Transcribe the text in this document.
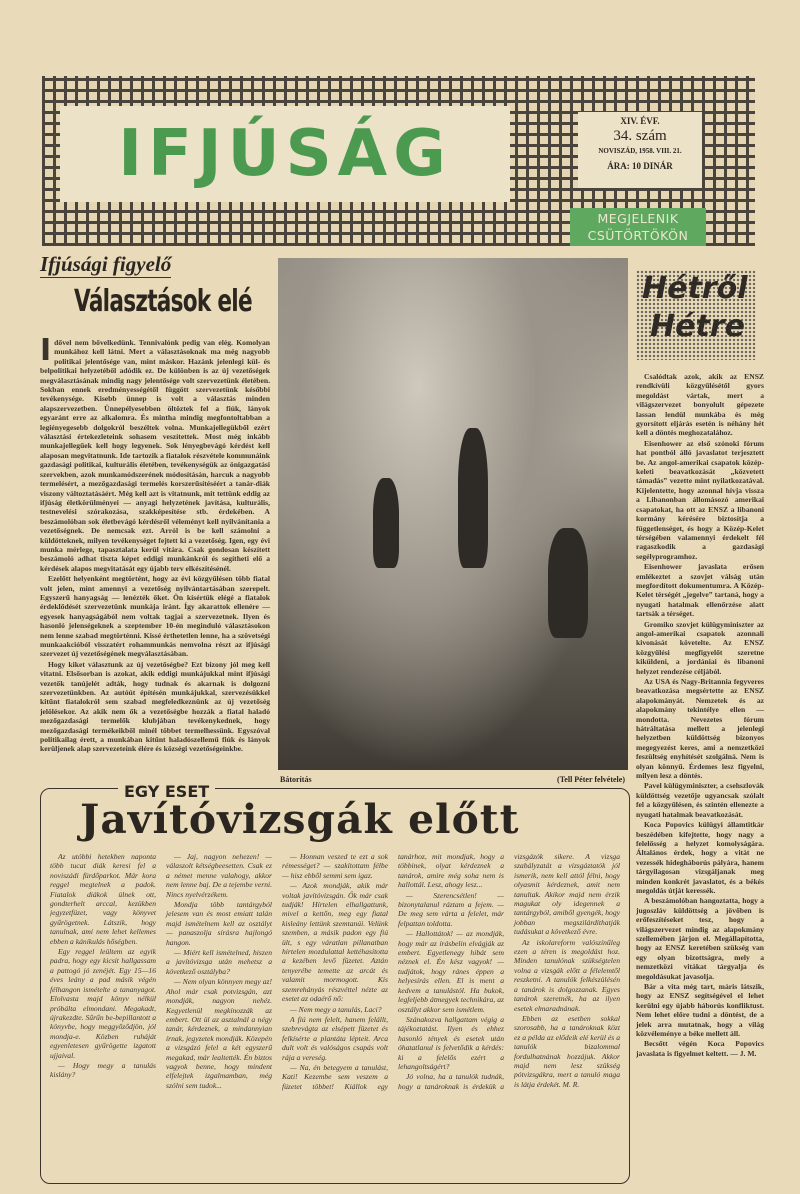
IFJÚSÁG	XIV. ÉVF.
34. szám
NOVISZÁD, 1958. VIII. 21.
ÁRA: 10 DINÁR
MEGJELENIK
CSÜTÖRTÖKÖN
Ifjúsági figyelő
Választások elé
I dővel nem bővelkedünk. Tennivalónk pedig van elég. Komolyan munkához kell látni. Mert a választásoknak ma még nagyobb politikai jelentősége van, mint máskor. Hazánk jelenlegi kül- és belpolitikai helyzetéből adódik ez. De különben is az új vezetőségek megválasztásának mindig nagy jelentősége volt szervezetünk életében. Sokban ennek eredményességétől függött szervezetünk későbbi tevékenysége. Kisebb ünnep is volt a választás minden alapszervezetben. Ünnepélyesebben öltöztek fel a fiúk, lányok egyaránt erre az alkalomra. És mintha mindig megfontoltabban a legiényegesebb dolgokról beszéltek volna. Munkajellegükből ezért választási értekezleteink sohasem veszítettek. Most még inkább munkajellegűek kell hogy legyenek. Sok lényegbevágó kérdést kell alaposan megvitatnunk. Ide tartozik a fiatalok részvétele kommunáink gazdasági politikai, kulturális életében, tevékenységük az önigazgatási szervekben, azok munkamódszerének módosításán, harcuk a nagyobb termelésért, a mezőgazdasági termelés korszerűsítéséért a tanár-diák viszony változtatásáért. Még kell azt is vitatnunk, mit tettünk eddig az ifjúság életkörülményei — anyagi helyzetének javítása, kulturális, testnevelési szórakozása, szakképesítése stb. érdekében. A beszámolóban sok életbevágó kérdésről véleményt kell nyilvánítania a vezetőségnek. De nemcsak ezt. Arról is be kell számolni a küldötteknek, milyen tevékenységet fejtett ki a vezetőség. Igen, egy évi munka mérlege, tapasztalata kerül vitára. Csak gondosan készített beszámoló adhat tiszta képet eddigi munkánkról és segítheti elő a kérdések alapos megvitatását egy újabb terv elkészítésénél.

Ezelőtt helyenként megtörtént, hogy az évi közgyűlésen több fiatal volt jelen, mint amennyi a vezetőség nyilvántartásában szerepelt. Egyszerű hanyagság — lenézték őket. Ön kísértük elégé a fiatalok érdeklődését szervezetünk munkája iránt. Így akarattok ellenére — egyesek hanyagságából nem voltak tagjai a szervezetnek. Ilyen és hasonló jelenségeknek a szeptember 10-én meginduló választásokon nem lenne szabad megtörténni. Kissé érthetetlen lenne, ha a szövetségi munkaakcióból visszatért rohammunkás nemvolna részt az ifjúsági szervezet új vezetőségének megválasztásában.

Hogy kiket választunk az új vezetőségbe? Ezt bizony jól meg kell vitatni. Elsősorban is azokat, akik eddigi munkájukkal mint ifjúsági vezetők tanújelét adták, hogy tudnak és akarnak is dolgozni szervezetünkben. Az autóút építésén munkájukkal, szervezésükkel kitűnt fiatalokról sem szabad megfeledkeznünk az új vezetőség jelölésekor. Az akik nem ők a vezetőségbe hozzák a fiatal haladó mezőgazdasági termelők klubjában tevékenykednek, hogy mezőgazdasági termékeikből minél többet termelhessünk. Egyszóval politikailag érett, a munkában kitűnt haladószellemű fiúk és lányok kerüljenek alap szervezeteink élére és községi vezetőségeinkbe.

Bátorítás	(Tell Péter felvétele)
Hétről
Hétre

Csalódtak azok, akik az ENSZ rendkívüli közgyűlésétől gyors megoldást vártak, mert a világszervezet bonyolult gépezete lassan lendül munkába és még gyorsított eljárás esetén is néhány hét kell a döntés meghozatalához.

Eisenhower az első szónoki fórum hat pontból álló javaslatot terjesztett be. Az angol-amerikai csapatok közép-keleti beavatkozását „közvetett támadás” vezette mint nyilatkozatával. Kijelentette, hogy azonnal hívja vissza a Libanonban állomásozó amerikai csapatokat, ha ott az ENSZ a libanoni kormány kérésére biztosítja a függetlenséget, és hogy a Közép-Kelet térségében valamennyi érdekelt fél ragaszkodik a gazdasági segélyprogramhoz.

Eisenhower javaslata erősen emlékeztet a szovjet válság után megfordított dokumentumra. A Közép-Kelet térségét „jegelve” tartaná, hogy a nyugati hatalmak ellenőrzése alatt tartsák a térséget.

Gromiko szovjet külügyminiszter az angol-amerikai csapatok azonnali kivonását követelte. Az ENSZ közgyűlési megfigyelőt szeretne kiküldeni, a jordániai és libanoni helyzet rendezése céljából.

Az USA és Nagy-Britannia fegyveres beavatkozása megsértette az ENSZ alapokmányát. Nemzetek és az alapokmány tekintélye ellen — mondotta. Nevezetes fórum hátráltatása mellett a jelenlegi helyzetben küldöttség bizonyos megegyezést keres, ami a nemzetközi feszültség enyhítését szolgálná. Nem is olyan könnyű. Érdemes lesz figyelni, milyen lesz a döntés.

Pavel külügyminiszter, a csehszlovák küldöttség vezetője ugyancsak szólalt fel a közgyűlésen, és szintén ellenezte a nyugati hatalmak beavatkozását.

Koca Popovics külügyi államtitkár beszédében kifejtette, hogy nagy a felelősség a helyzet komolyságára. Általános érdek, hogy a vitát ne vezessék hidegháborús pályára, hanem tárgyilagosan vizsgáljanak meg minden konkrét javaslatot, és a békés megoldás útját keressék.

A beszámolóban hangoztatta, hogy a jugoszláv küldöttség a jövőben is erőfeszítéseket tesz, hogy a világszervezet mindig az alapokmány szellemében járjon el. Megállapította, hogy az ENSZ keretében szükség van egy olyan bizottságra, mely a nemzetközi vitákat tárgyalja és megoldásukat javasolja.

Bár a vita még tart, máris látszik, hogy az ENSZ segítségével el lehet kerülni egy újabb háborús konfliktust. Nem lehet előre tudni a döntést, de a jelek arra mutatnak, hogy a világ közvéleménye a béke mellett áll.

Becsőtt végén Koca Popovics javaslata is figyelmet keltett. — J. M.

EGY ESET
Javítóvizsgák előtt

Az utóbbi hetekben naponta több tucat diák keresi fel a noviszádi fürdőparkot. Már kora reggel megtelnek a padok. Fiatalok diákok ülnek ott, gondterhelt arccal, kezükben jegyzetfüzet, vagy könyvet gyűrögetnek. Látszik, hogy tanulnak, ami nem lehet kellemes ebben a kánikulás hőségben.

Egy reggel leültem az egyik padra, hogy egy kicsit hallgassam a pattogó jó zenéjét. Egy 15—16 éves leány a pad másik végén félhangon ismételte a tananyagot. Elolvasta majd könyv nélkül próbálta elmondani. Megakadt, újrakezdte. Sűrűn be-bepillantott a könyvbe, hogy meggyőződjön, jól mondja-e. Közben ruháját egyenletesen gyűrögette izgatott ujjaival.

— Hogy megy a tanulás kislány?

— Jaj, nagyon nehezen! — válaszolt kétségbeesetten. Csak ez a német menne valahogy, akkor nem lenne baj. De a tejembe verni. Nincs nyelvérzékem.

Mondja több tantárgyból jelesem van és most emiatt talán majd ismételnem kell az osztályt — panaszolja sírásra hajlongó hangon.

— Miért kell ismételned, hiszen a javítóvizsga után mehetsz a következő osztályba?

— Nem olyan könnyen megy az! Ahol már csak potvizsgán, azt mondják, nagyon nehéz. Kegyetlenül megkínozzák az embert. Ott ül az asztalnál a négy tanár, kérdeznek, a mindannyian írnak, jegyzetek mondják. Közepén a vizsgázó felel a két egyszerű megakad, már lealtették. Én biztos vagyok benne, hogy mindent elfelejtek izgalmamban, még szólni sem tudok...

— Honnan veszed te ezt a sok rémességet? — szakítottam félbe — hisz ebből semmi sem igaz.

— Azok mondják, akik már voltak javítóvizsgán. Ők már csak tudják! Hírtelen elhallgattunk, mivel a kettőn, meg egy fiatal kisleány lettünk szemtanúi. Velünk szemben, a másik padon egy fiú ült, s egy váratlan pillanatban hirtelen mozdulattal kettéhasította a kezében levő füzetet. Aztán tenyerébe temette az arcát és valamit mormogott. Kis szemrehányás részvéttel nézte az esetet az odaérő nő:

— Nem megy a tanulás, Laci?

A fiú nem felelt, hanem felállt, szebrevágta az elsépett füzetet és felkísérte a plantáta lépteit. Arca dult volt és valóságos csapás volt rája a vereség.

— Na, én betegyem a tanulást, Kati! Kezembe sem veszem a füzetet többet! Kiállok egy tanárhoz, mit mondjak, hogy a többinek, olyat kérdeznek a tanárok, amire még soha nem is hallottál. Lesz, ahogy lesz...

— Szerencsétlen! — bizonytalanul ráztam a fejem. — De meg sem várta a felelet, már felpattan toldotta.

— Hallottátok! — az mondják, hogy már az írásbelin elvágják az embert. Egyetlenegy hibát sem néznek el. Én kész vagyok! — tudjátok, hogy ránes éppen a helyesírás ellen. El is ment a kedvem a tanulástól. Ha bukok, legfeljebb átmegyek technikára, az osztályt akkor sem ismétlem.

Szánakozva hallgattam végig a tájékoztatást. Ilyen és ehhez hasonló tények és esetek után óhatatlanul is felvetődik a kérdés: ki a felelős ezért a lehangoltságért?

Jó volna, ha a tanulók tudnák, hogy a tanároknak is érdekük a vizsgázók sikere. A vizsga szabályzatát a vizsgáztatók jól ismerik, nem kell attól félni, hogy olyasmit kérdeznek, amit nem tanultak. Akikor majd nem érzik magukat oly idegennek a tantárgyból, amiből gyengék, hogy jobban megszilárdíthatják tudásukat a következő évre.

Az iskolareform valószínűleg ezen a téren is megoldást hoz. Minden tanulónak szükségtelen volna a vizsgák előtt a félelemtől reszketni. A tanulók felkészülésén a tanárok is dolgozzanak. Egyes tanárok szeretnék, ha az ilyen esetek elmaradnának.

Ebben az esetben sokkal szorosabb, ha a tanároknak közt ez a példa az elődeik elé kerül és a tanulók bizalommal fordulhatnának hozzájuk. Akkor majd nem lesz szükség pótvizsgákra, mert a tanuló maga is látja érdekét. M. R.
